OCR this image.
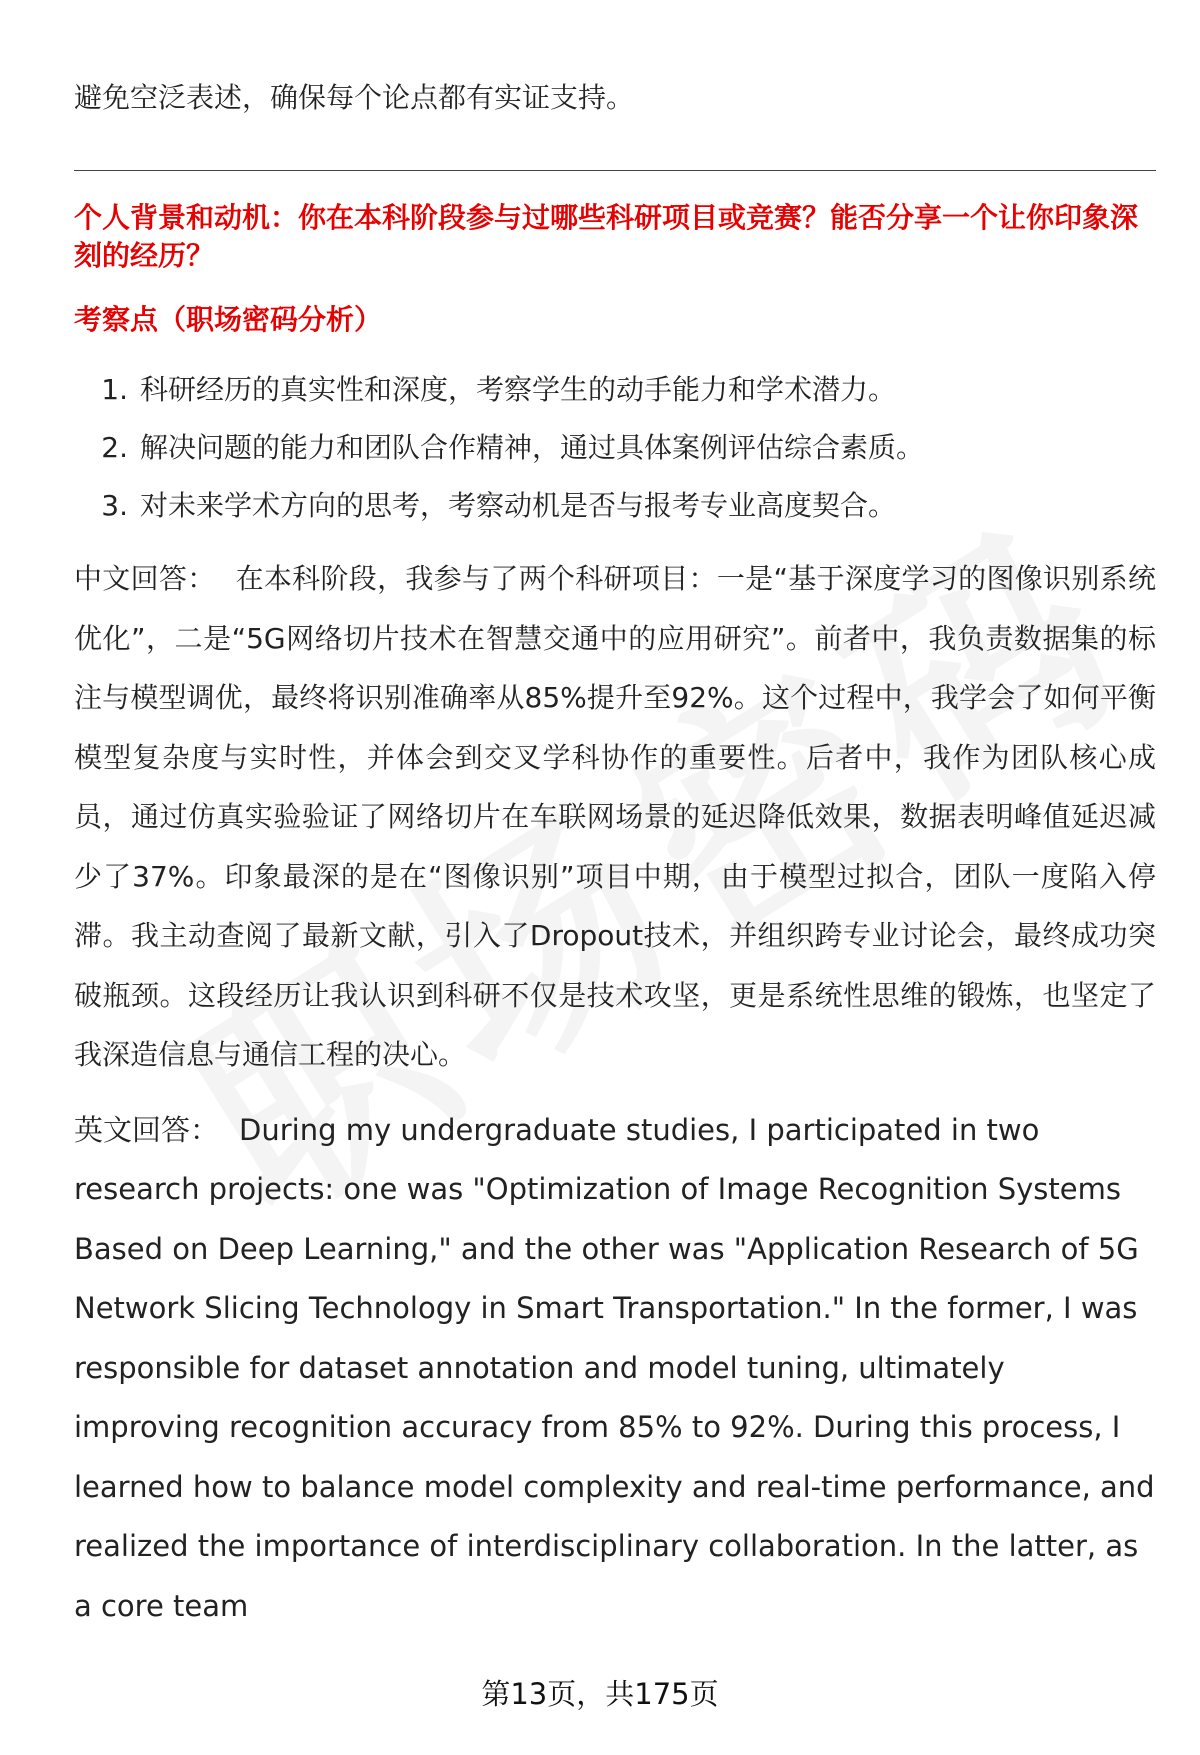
避免空泛表述，确保每个论点都有实证支持。

个人背景和动机：你在本科阶段参与过哪些科研项目或竞赛？能否分享一个让你印象深刻的经历？

考察点（职场密码分析）

1. 科研经历的真实性和深度，考察学生的动手能力和学术潜力。
2. 解决问题的能力和团队合作精神，通过具体案例评估综合素质。
3. 对未来学术方向的思考，考察动机是否与报考专业高度契合。

中文回答： 在本科阶段，我参与了两个科研项目：一是“基于深度学习的图像识别系统优化”，二是“5G网络切片技术在智慧交通中的应用研究”。前者中，我负责数据集的标注与模型调优，最终将识别准确率从85%提升至92%。这个过程中，我学会了如何平衡模型复杂度与实时性，并体会到交叉学科协作的重要性。后者中，我作为团队核心成员，通过仿真实验验证了网络切片在车联网场景的延迟降低效果，数据表明峰值延迟减少了37%。印象最深的是在“图像识别”项目中期，由于模型过拟合，团队一度陷入停滞。我主动查阅了最新文献，引入了Dropout技术，并组织跨专业讨论会，最终成功突破瓶颈。这段经历让我认识到科研不仅是技术攻坚，更是系统性思维的锻炼，也坚定了我深造信息与通信工程的决心。

英文回答： During my undergraduate studies, I participated in two research projects: one was "Optimization of Image Recognition Systems Based on Deep Learning," and the other was "Application Research of 5G Network Slicing Technology in Smart Transportation." In the former, I was responsible for dataset annotation and model tuning, ultimately improving recognition accuracy from 85% to 92%. During this process, I learned how to balance model complexity and real-time performance, and realized the importance of interdisciplinary collaboration. In the latter, as a core team

第13页，共175页
